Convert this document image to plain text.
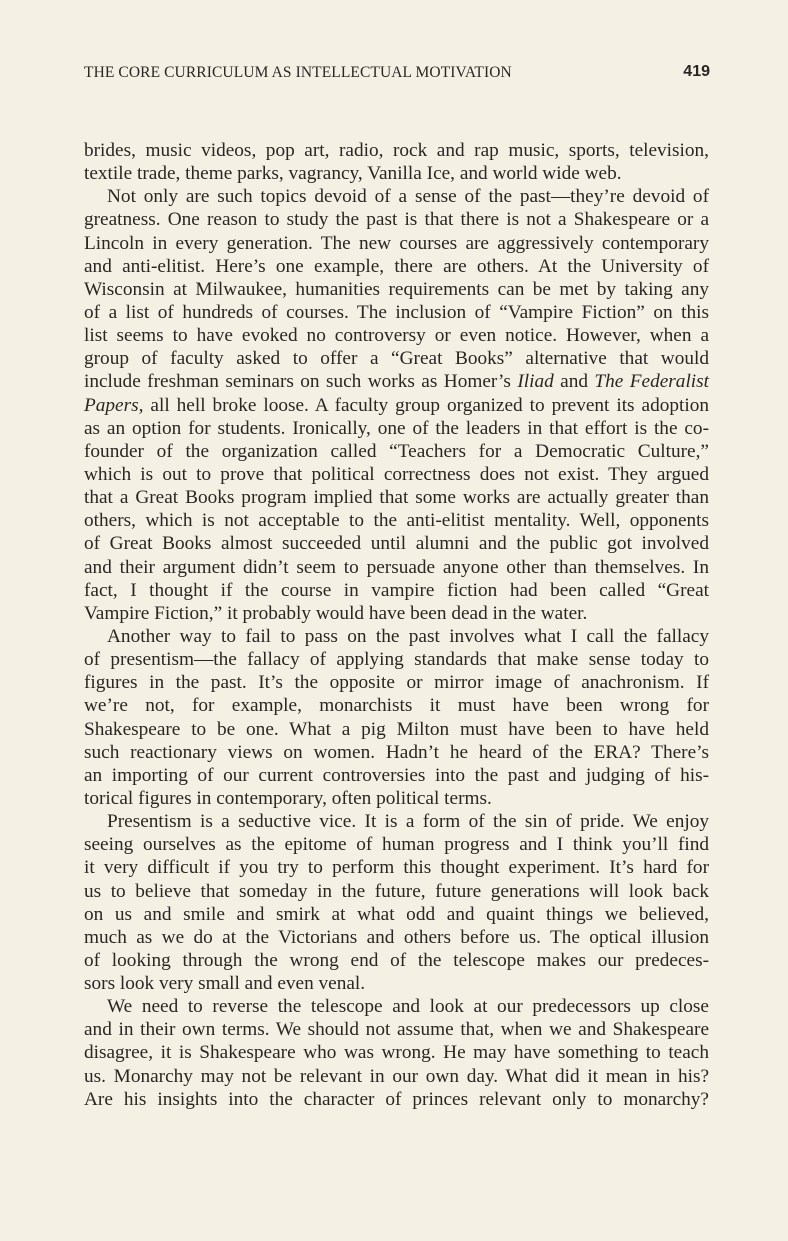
THE CORE CURRICULUM AS INTELLECTUAL MOTIVATION	419
brides, music videos, pop art, radio, rock and rap music, sports, television,
textile trade, theme parks, vagrancy, Vanilla Ice, and world wide web.
Not only are such topics devoid of a sense of the past—they’re devoid of
greatness. One reason to study the past is that there is not a Shakespeare or a
Lincoln in every generation. The new courses are aggressively contemporary
and anti-elitist. Here’s one example, there are others. At the University of
Wisconsin at Milwaukee, humanities requirements can be met by taking any
of a list of hundreds of courses. The inclusion of “Vampire Fiction” on this
list seems to have evoked no controversy or even notice. However, when a
group of faculty asked to offer a “Great Books” alternative that would
include freshman seminars on such works as Homer’s Iliad and The Federalist
Papers, all hell broke loose. A faculty group organized to prevent its adoption
as an option for students. Ironically, one of the leaders in that effort is the co-
founder of the organization called “Teachers for a Democratic Culture,”
which is out to prove that political correctness does not exist. They argued
that a Great Books program implied that some works are actually greater than
others, which is not acceptable to the anti-elitist mentality. Well, opponents
of Great Books almost succeeded until alumni and the public got involved
and their argument didn’t seem to persuade anyone other than themselves. In
fact, I thought if the course in vampire fiction had been called “Great
Vampire Fiction,” it probably would have been dead in the water.
Another way to fail to pass on the past involves what I call the fallacy
of presentism—the fallacy of applying standards that make sense today to
figures in the past. It’s the opposite or mirror image of anachronism. If
we’re not, for example, monarchists it must have been wrong for
Shakespeare to be one. What a pig Milton must have been to have held
such reactionary views on women. Hadn’t he heard of the ERA? There’s
an importing of our current controversies into the past and judging of his-
torical figures in contemporary, often political terms.
Presentism is a seductive vice. It is a form of the sin of pride. We enjoy
seeing ourselves as the epitome of human progress and I think you’ll find
it very difficult if you try to perform this thought experiment. It’s hard for
us to believe that someday in the future, future generations will look back
on us and smile and smirk at what odd and quaint things we believed,
much as we do at the Victorians and others before us. The optical illusion
of looking through the wrong end of the telescope makes our predeces-
sors look very small and even venal.
We need to reverse the telescope and look at our predecessors up close
and in their own terms. We should not assume that, when we and Shakespeare
disagree, it is Shakespeare who was wrong. He may have something to teach
us. Monarchy may not be relevant in our own day. What did it mean in his?
Are his insights into the character of princes relevant only to monarchy?
